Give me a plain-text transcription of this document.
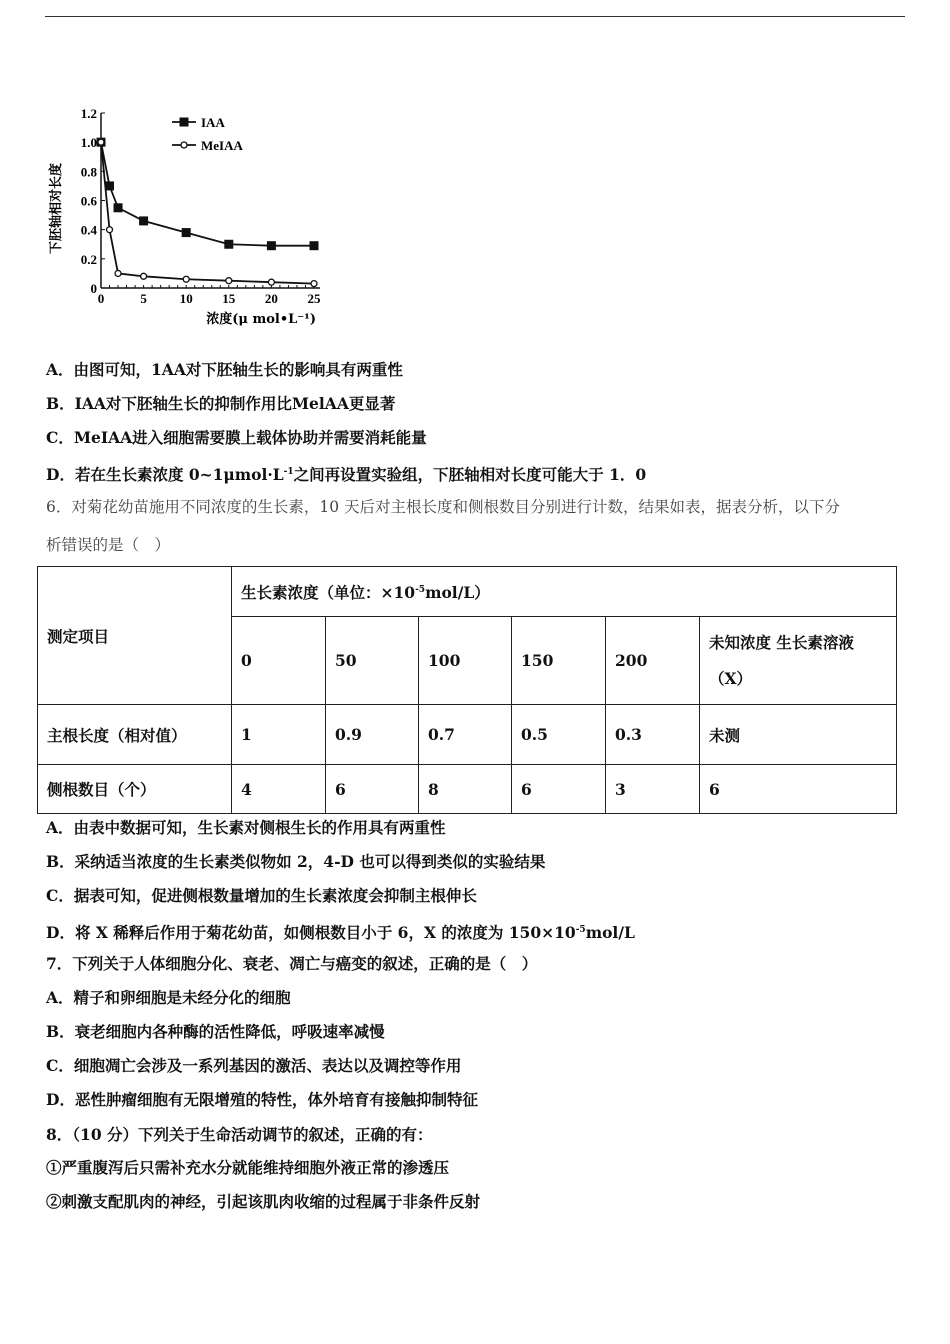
0	5	10 15 20 25
0
0.2
0.4
0.6
0.8
1.0
1.2
浓度(μ mol•L⁻¹)
下胚轴相对长度
IAA
MeIAA
A．由图可知，1AA对下胚轴生长的影响具有两重性
B．IAA对下胚轴生长的抑制作用比MelAA更显著
C．MeIAA进入细胞需要膜上载体协助并需要消耗能量
D．若在生长素浓度 $0\sim 1\mu mol\cdot L^{-1}$之间再设置实验组，下胚轴相对长度可能大于 1．0
6．对菊花幼苗施用不同浓度的生长素，10 天后对主根长度和侧根数目分别进行计数，结果如表，据表分析，以下分
析错误的是（　）
测定项目	生长素浓度（单位：$\times 10^{-5}mol/L$）					
	0	50	100	150	200	未知浓度 生长素溶液
（X）
主根长度（相对值）	1	0.9	0.7	0.5	0.3	未测
侧根数目（个）	4	6	8	6	3	6
A．由表中数据可知，生长素对侧根生长的作用具有两重性
B．采纳适当浓度的生长素类似物如 2，4-D 也可以得到类似的实验结果
C．据表可知，促进侧根数量增加的生长素浓度会抑制主根伸长
D．将 X 稀释后作用于菊花幼苗，如侧根数目小于 6，X 的浓度为 $150\times 10^{-5}mol/L$
7．下列关于人体细胞分化、衰老、凋亡与癌变的叙述，正确的是（　）
A．精子和卵细胞是未经分化的细胞
B．衰老细胞内各种酶的活性降低，呼吸速率减慢
C．细胞凋亡会涉及一系列基因的激活、表达以及调控等作用
D．恶性肿瘤细胞有无限增殖的特性，体外培育有接触抑制特征
8．（10 分）下列关于生命活动调节的叙述，正确的有：
①严重腹泻后只需补充水分就能维持细胞外液正常的渗透压
②刺激支配肌肉的神经，引起该肌肉收缩的过程属于非条件反射
